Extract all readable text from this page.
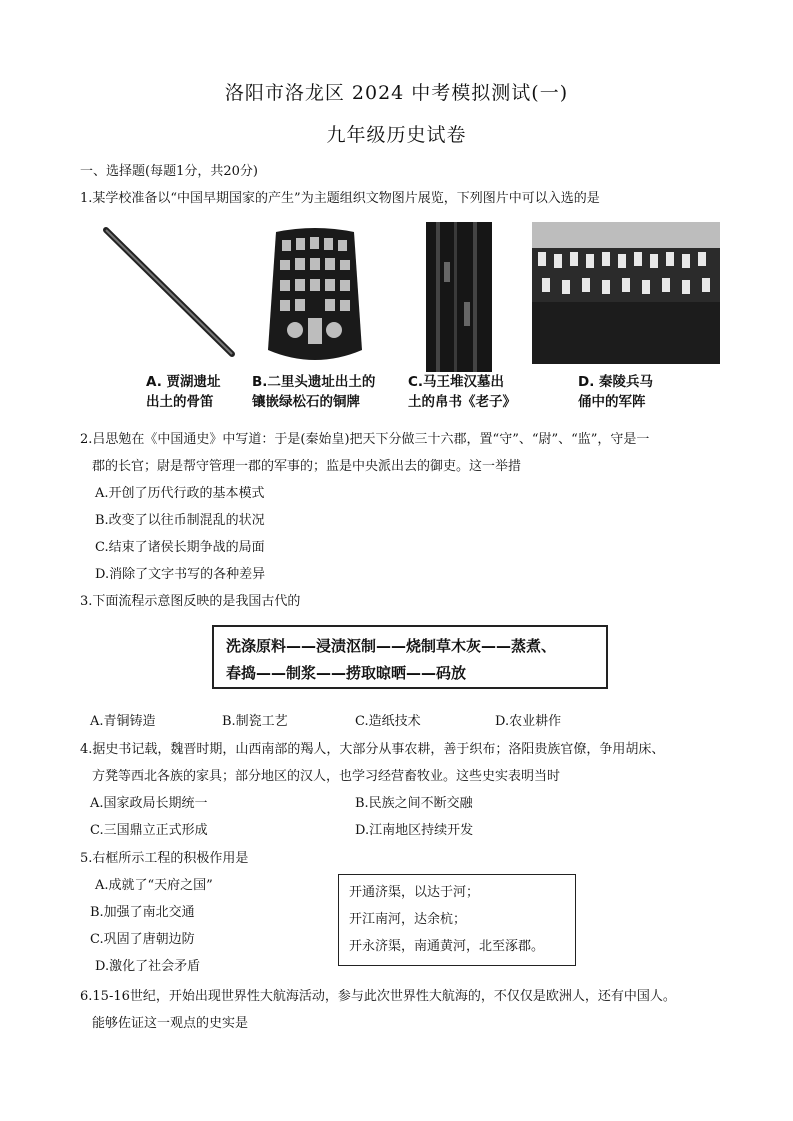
洛阳市洛龙区 2024 中考模拟测试(一)
九年级历史试卷
一、选择题(每题1分，共20分)
1.某学校准备以“中国早期国家的产生”为主题组织文物图片展览，下列图片中可以入选的是
A. 贾湖遗址
出土的骨笛
B.二里头遗址出土的
镶嵌绿松石的铜牌
C.马王堆汉墓出
土的帛书《老子》
D. 秦陵兵马
俑中的军阵
2.吕思勉在《中国通史》中写道：于是(秦始皇)把天下分做三十六郡，置“守”、“尉”、“监”，守是一
郡的长官；尉是帮守管理一郡的军事的；监是中央派出去的御吏。这一举措
A.开创了历代行政的基本模式
B.改变了以往币制混乱的状况
C.结束了诸侯长期争战的局面
D.消除了文字书写的各种差异
3.下面流程示意图反映的是我国古代的
洗涤原料——浸渍沤制——烧制草木灰——蒸煮、
春捣——制浆——捞取晾晒——码放
A.青铜铸造	B.制瓷工艺	C.造纸技术	D.农业耕作
4.据史书记载，魏晋时期，山西南部的羯人，大部分从事农耕，善于织布；洛阳贵族官僚，争用胡床、
方凳等西北各族的家具；部分地区的汉人，也学习经营畜牧业。这些史实表明当时
A.国家政局长期统一	B.民族之间不断交融
C.三国鼎立正式形成	D.江南地区持续开发
5.右框所示工程的积极作用是
A.成就了“天府之国”
B.加强了南北交通
C.巩固了唐朝边防
D.激化了社会矛盾
开通济渠，以达于河；
开江南河，达余杭；
开永济渠，南通黄河，北至涿郡。
6.15-16世纪，开始出现世界性大航海活动，参与此次世界性大航海的，不仅仅是欧洲人，还有中国人。
能够佐证这一观点的史实是
